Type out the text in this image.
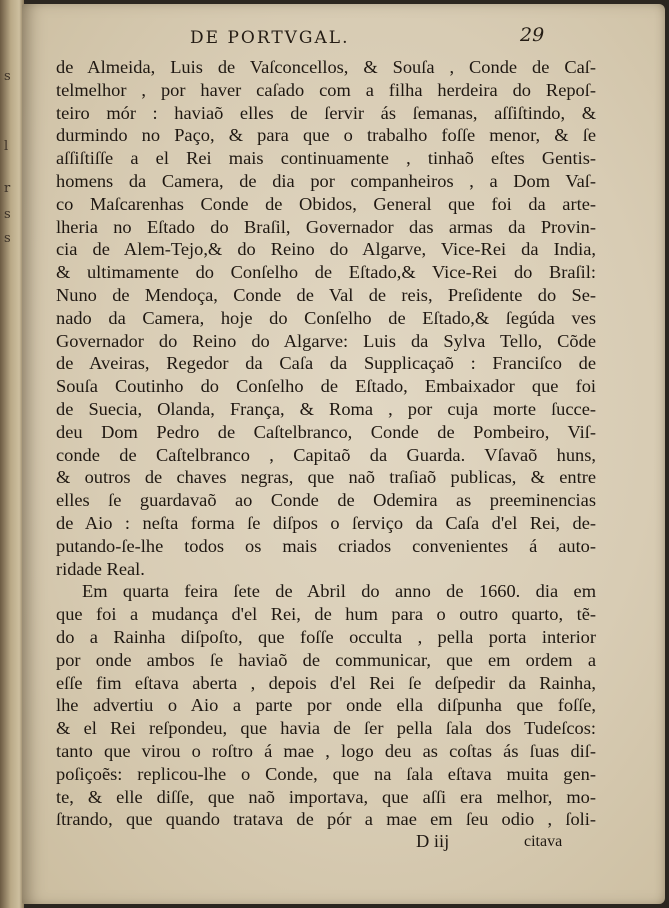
s
l
r
s
s
DE PORTVGAL.	29
de Almeida, Luis de Vaſconcellos, & Souſa , Conde de Caſ-
telmelhor , por haver caſado com a filha herdeira do Repoſ-
teiro mór : haviaõ elles de ſervir ás ſemanas, aſſiſtindo, &
durmindo no Paço, & para que o trabalho foſſe menor, & ſe
aſſiſtiſſe a el Rei mais continuamente , tinhaõ eſtes Gentis-
homens da Camera, de dia por companheiros , a Dom Vaſ-
co Maſcarenhas Conde de Obidos, General que foi da arte-
lheria no Eſtado do Braſil, Governador das armas da Provin-
cia de Alem-Tejo,& do Reino do Algarve, Vice-Rei da India,
& ultimamente do Conſelho de Eſtado,& Vice-Rei do Braſil:
Nuno de Mendoça, Conde de Val de reis, Preſidente do Se-
nado da Camera, hoje do Conſelho de Eſtado,& ſegúda ves
Governador do Reino do Algarve: Luis da Sylva Tello, Cõde
de Aveiras, Regedor da Caſa da Supplicaçaõ : Franciſco de
Souſa Coutinho do Conſelho de Eſtado, Embaixador que foi
de Suecia, Olanda, França, & Roma , por cuja morte ſucce-
deu Dom Pedro de Caſtelbranco, Conde de Pombeiro, Viſ-
conde de Caſtelbranco , Capitaõ da Guarda. Vſavaõ huns,
& outros de chaves negras, que naõ traſiaõ publicas, & entre
elles ſe guardavaõ ao Conde de Odemira as preeminencias
de Aio : neſta forma ſe diſpos o ſerviço da Caſa d'el Rei, de-
putando-ſe-lhe todos os mais criados convenientes á auto-
ridade Real.
Em quarta feira ſete de Abril do anno de 1660. dia em
que foi a mudança d'el Rei, de hum para o outro quarto, tẽ-
do a Rainha diſpoſto, que foſſe occulta , pella porta interior
por onde ambos ſe haviaõ de communicar, que em ordem a
eſſe fim eſtava aberta , depois d'el Rei ſe deſpedir da Rainha,
lhe advertiu o Aio a parte por onde ella diſpunha que foſſe,
& el Rei reſpondeu, que havia de ſer pella ſala dos Tudeſcos:
tanto que virou o roſtro á mae , logo deu as coſtas ás ſuas diſ-
poſiçoẽs: replicou-lhe o Conde, que na ſala eſtava muita gen-
te, & elle diſſe, que naõ importava, que aſſi era melhor, mo-
ſtrando, que quando tratava de pór a mae em ſeu odio , ſoli-
D iij	citava
